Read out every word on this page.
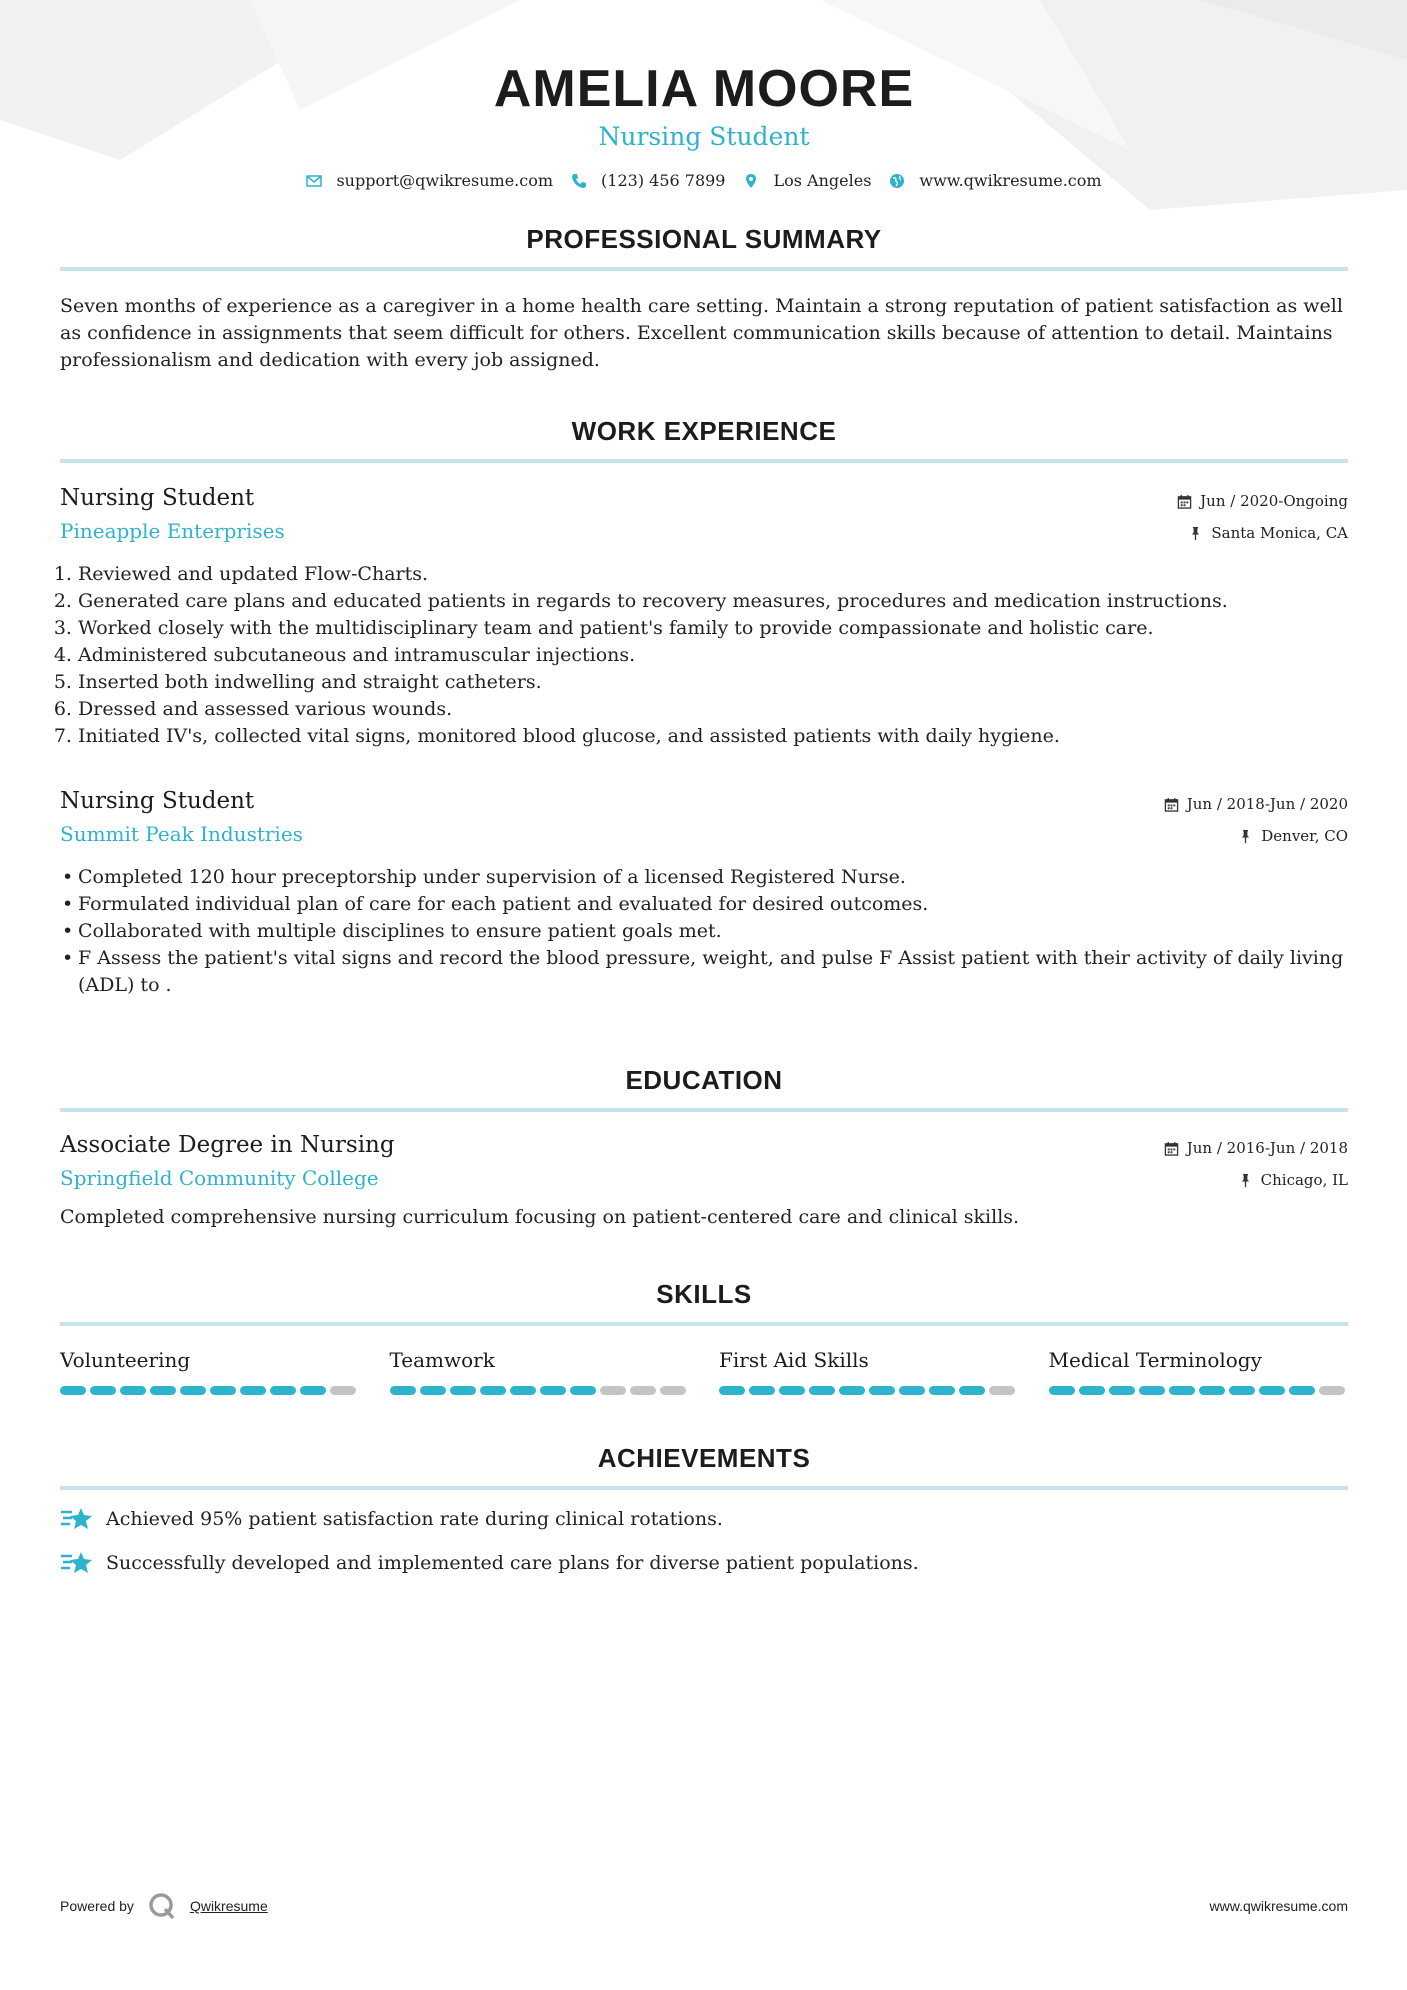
AMELIA MOORE
Nursing Student
support@qwikresume.com	(123) 456 7899	Los Angeles	www.qwikresume.com
PROFESSIONAL SUMMARY
Seven months of experience as a caregiver in a home health care setting. Maintain a strong reputation of patient satisfaction as well as confidence in assignments that seem difficult for others. Excellent communication skills because of attention to detail. Maintains professionalism and dedication with every job assigned.
WORK EXPERIENCE
Nursing Student
Pineapple Enterprises
Jun / 2020-Ongoing
Santa Monica, CA
1. Reviewed and updated Flow-Charts.
2. Generated care plans and educated patients in regards to recovery measures, procedures and medication instructions.
3. Worked closely with the multidisciplinary team and patient's family to provide compassionate and holistic care.
4. Administered subcutaneous and intramuscular injections.
5. Inserted both indwelling and straight catheters.
6. Dressed and assessed various wounds.
7. Initiated IV's, collected vital signs, monitored blood glucose, and assisted patients with daily hygiene.
Nursing Student
Summit Peak Industries
Jun / 2018-Jun / 2020
Denver, CO
• Completed 120 hour preceptorship under supervision of a licensed Registered Nurse.
• Formulated individual plan of care for each patient and evaluated for desired outcomes.
• Collaborated with multiple disciplines to ensure patient goals met.
• F Assess the patient's vital signs and record the blood pressure, weight, and pulse F Assist patient with their activity of daily living (ADL) to .
EDUCATION
Associate Degree in Nursing
Springfield Community College
Jun / 2016-Jun / 2018
Chicago, IL
Completed comprehensive nursing curriculum focusing on patient-centered care and clinical skills.
SKILLS
Volunteering	Teamwork	First Aid Skills	Medical Terminology
ACHIEVEMENTS
Achieved 95% patient satisfaction rate during clinical rotations.
Successfully developed and implemented care plans for diverse patient populations.
Powered by	Qwikresume	www.qwikresume.com
